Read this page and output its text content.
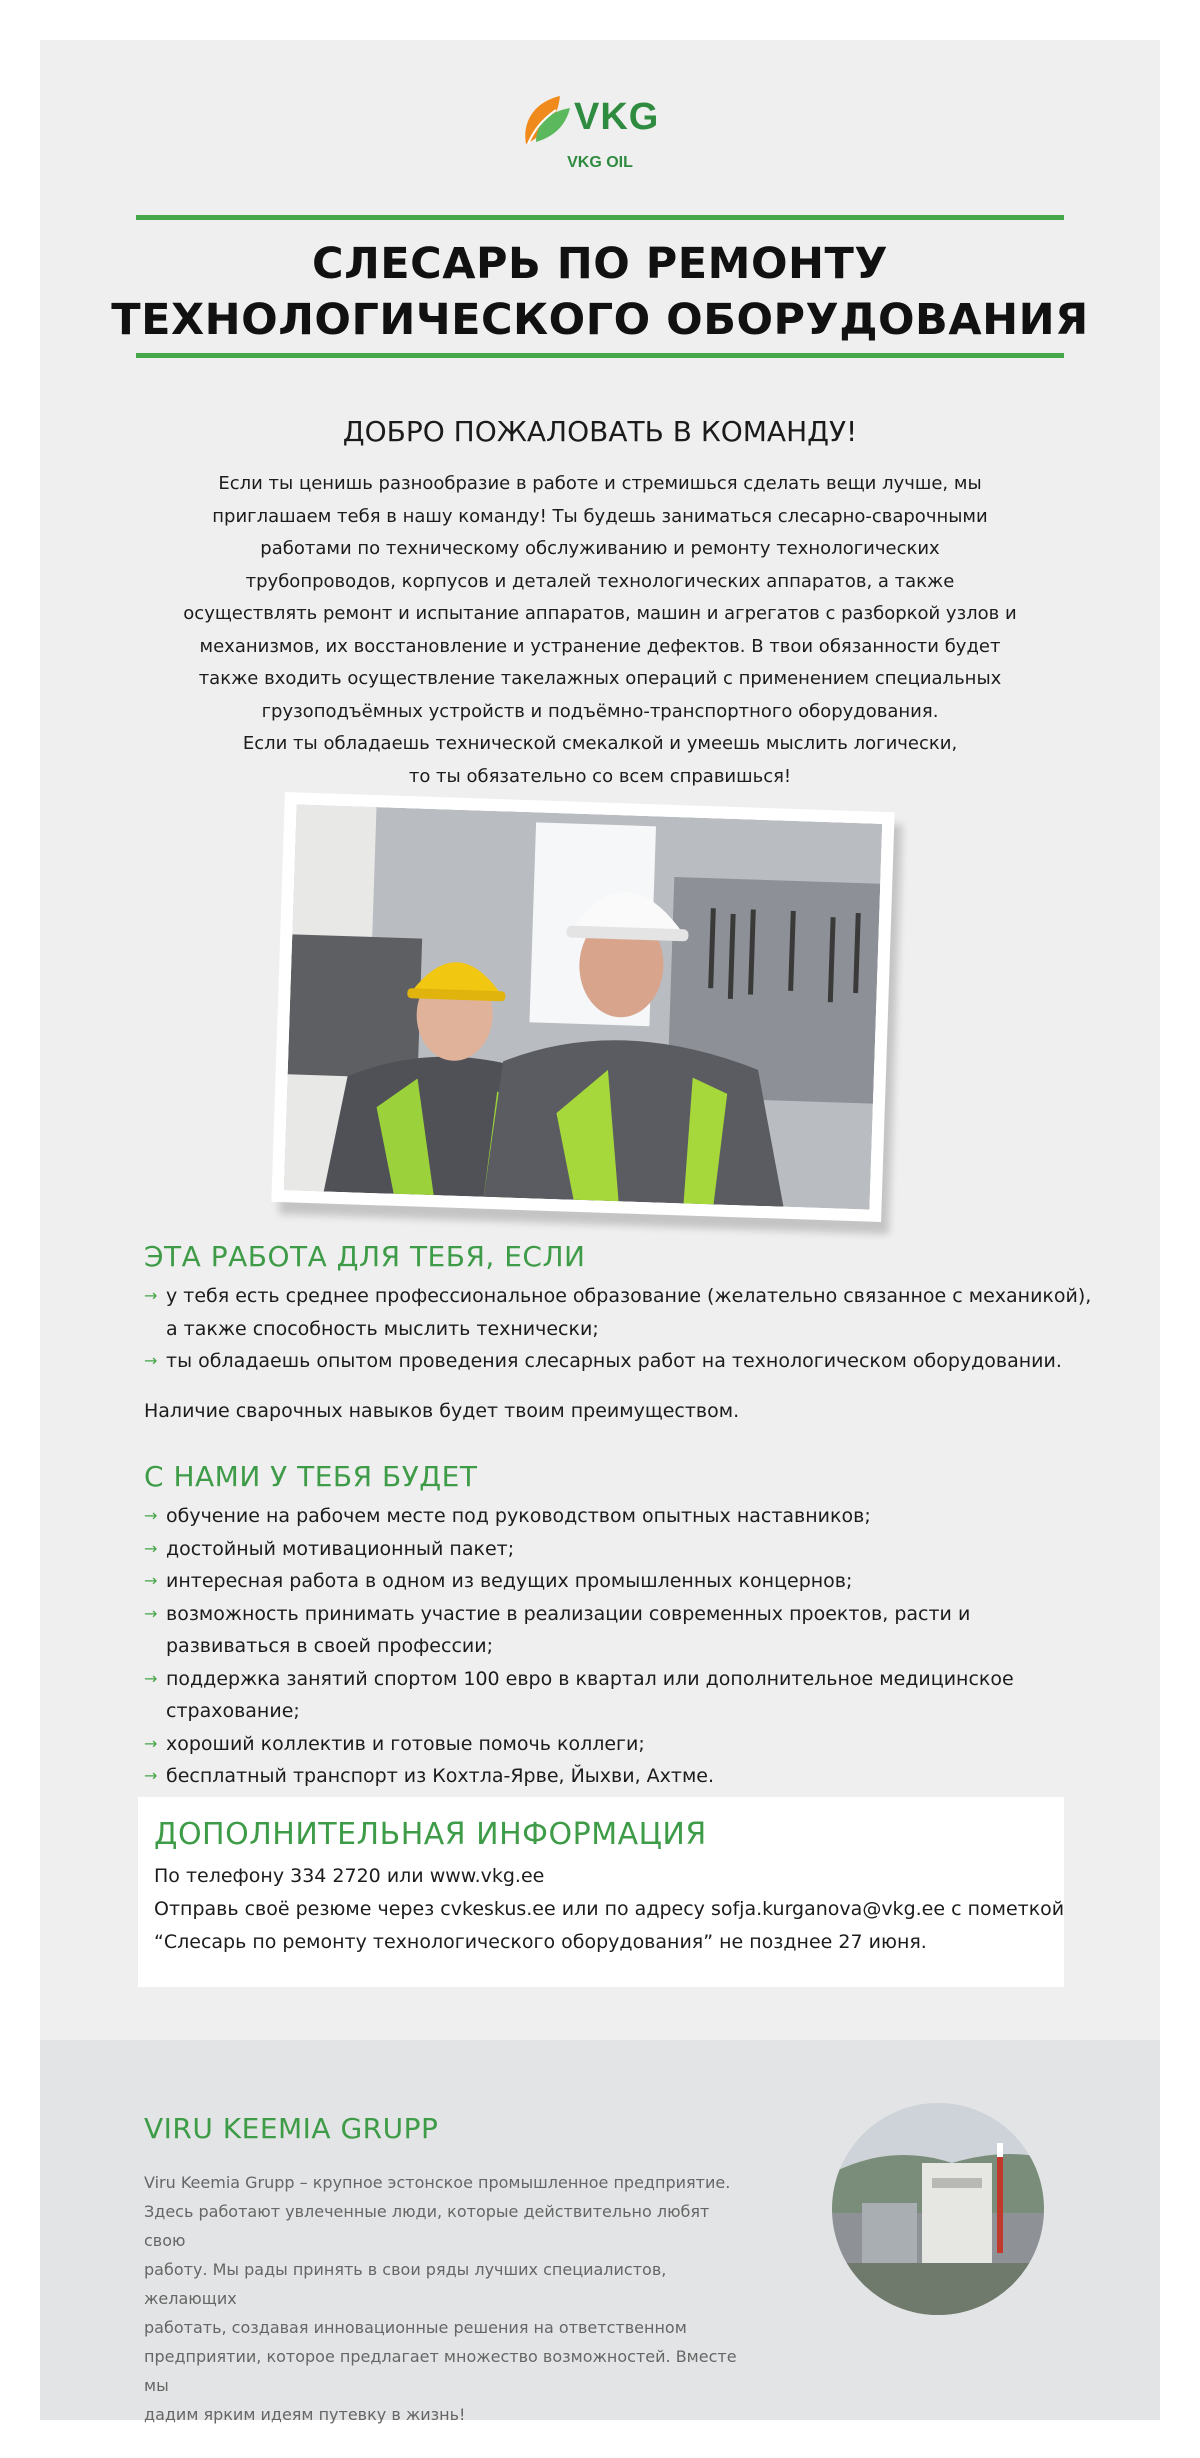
VKG
VKG OIL
СЛЕСАРЬ ПО РЕМОНТУ
ТЕХНОЛОГИЧЕСКОГО ОБОРУДОВАНИЯ
ДОБРО ПОЖАЛОВАТЬ В КОМАНДУ!
Если ты ценишь разнообразие в работе и стремишься сделать вещи лучше, мы
приглашаем тебя в нашу команду! Ты будешь заниматься слесарно-сварочными
работами по техническому обслуживанию и ремонту технологических
трубопроводов, корпусов и деталей технологических аппаратов, а также
осуществлять ремонт и испытание аппаратов, машин и агрегатов с разборкой узлов и
механизмов, их восстановление и устранение дефектов. В твои обязанности будет
также входить осуществление такелажных операций с применением специальных
грузоподъёмных устройств и подъёмно-транспортного оборудования.
Если ты обладаешь технической смекалкой и умеешь мыслить логически,
то ты обязательно со всем справишься!
ЭТА РАБОТА ДЛЯ ТЕБЯ, ЕСЛИ
→ у тебя есть среднее профессиональное образование (желательно связанное с механикой),
а также способность мыслить технически;
→ ты обладаешь опытом проведения слесарных работ на технологическом оборудовании.
Наличие сварочных навыков будет твоим преимуществом.
С НАМИ У ТЕБЯ БУДЕТ
→ обучение на рабочем месте под руководством опытных наставников;
→ достойный мотивационный пакет;
→ интересная работа в одном из ведущих промышленных концернов;
→ возможность принимать участие в реализации современных проектов, расти и
развиваться в своей профессии;
→ поддержка занятий спортом 100 евро в квартал или дополнительное медицинское
страхование;
→ хороший коллектив и готовые помочь коллеги;
→ бесплатный транспорт из Кохтла-Ярве, Йыхви, Ахтме.
ДОПОЛНИТЕЛЬНАЯ ИНФОРМАЦИЯ
По телефону 334 2720 или www.vkg.ee
Отправь своё резюме через cvkeskus.ee или по адресу sofja.kurganova@vkg.ee с пометкой
“Слесарь по ремонту технологического оборудования” не позднее 27 июня.
VIRU KEEMIA GRUPP
Viru Keemia Grupp – крупное эстонское промышленное предприятие.
Здесь работают увлеченные люди, которые действительно любят свою
работу. Мы рады принять в свои ряды лучших специалистов, желающих
работать, создавая инновационные решения на ответственном
предприятии, которое предлагает множество возможностей. Вместе мы
дадим ярким идеям путевку в жизнь!
